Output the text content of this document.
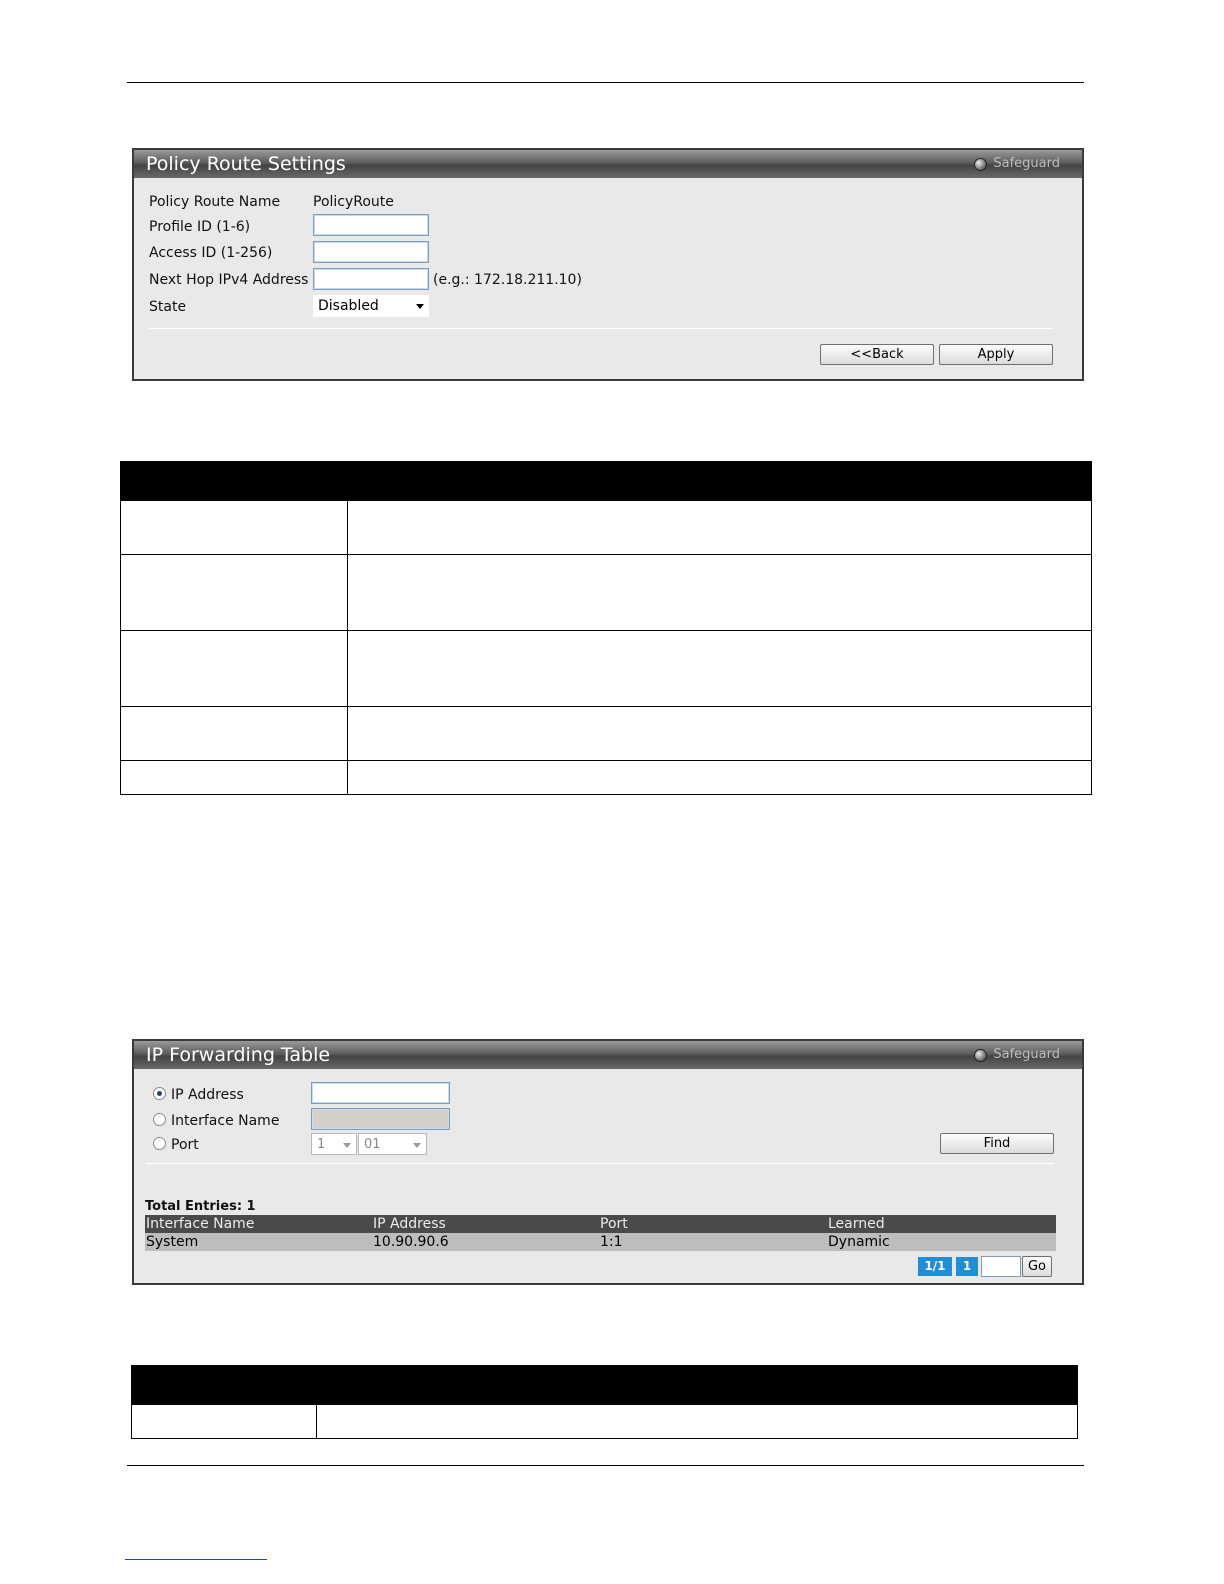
Policy Route Settings	Safeguard
Policy Route Name PolicyRoute
Profile ID (1-6)
Access ID (1-256)
Next Hop IPv4 Address	(e.g.: 172.18.211.10)
State	Disabled
<<Back	Apply

IP Forwarding Table	Safeguard
IP Address
Interface Name
Port	1	01	Find
Total Entries: 1
Interface Name	IP Address	Port	Learned
System	10.90.90.6	1:1	Dynamic
1/1	1	Go
